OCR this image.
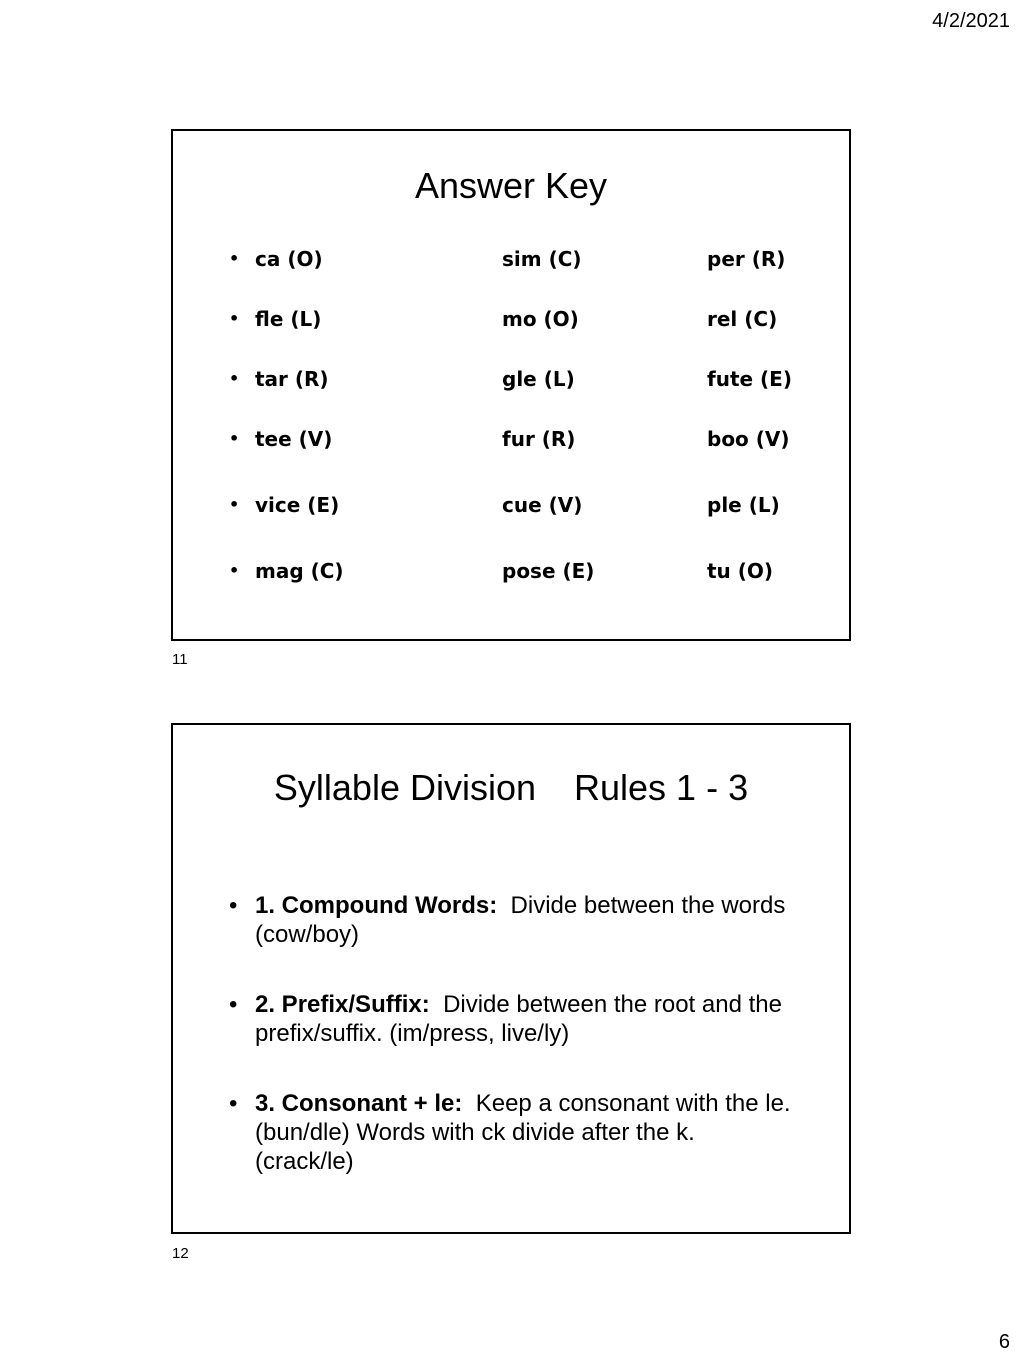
4/2/2021
Answer Key
• ca (O)	sim (C)	per (R)
• fle (L)	mo (O)	rel (C)
• tar (R)	gle (L)	fute (E)
• tee (V)	fur (R)	boo (V)
• vice (E)	cue (V)	ple (L)
• mag (C)	pose (E)	tu (O)
11
Syllable Division Rules 1 - 3
• 1. Compound Words: Divide between the words (cow/boy)
• 2. Prefix/Suffix: Divide between the root and the prefix/suffix. (im/press, live/ly)
• 3. Consonant + le: Keep a consonant with the le. (bun/dle) Words with ck divide after the k. (crack/le)
12
6
